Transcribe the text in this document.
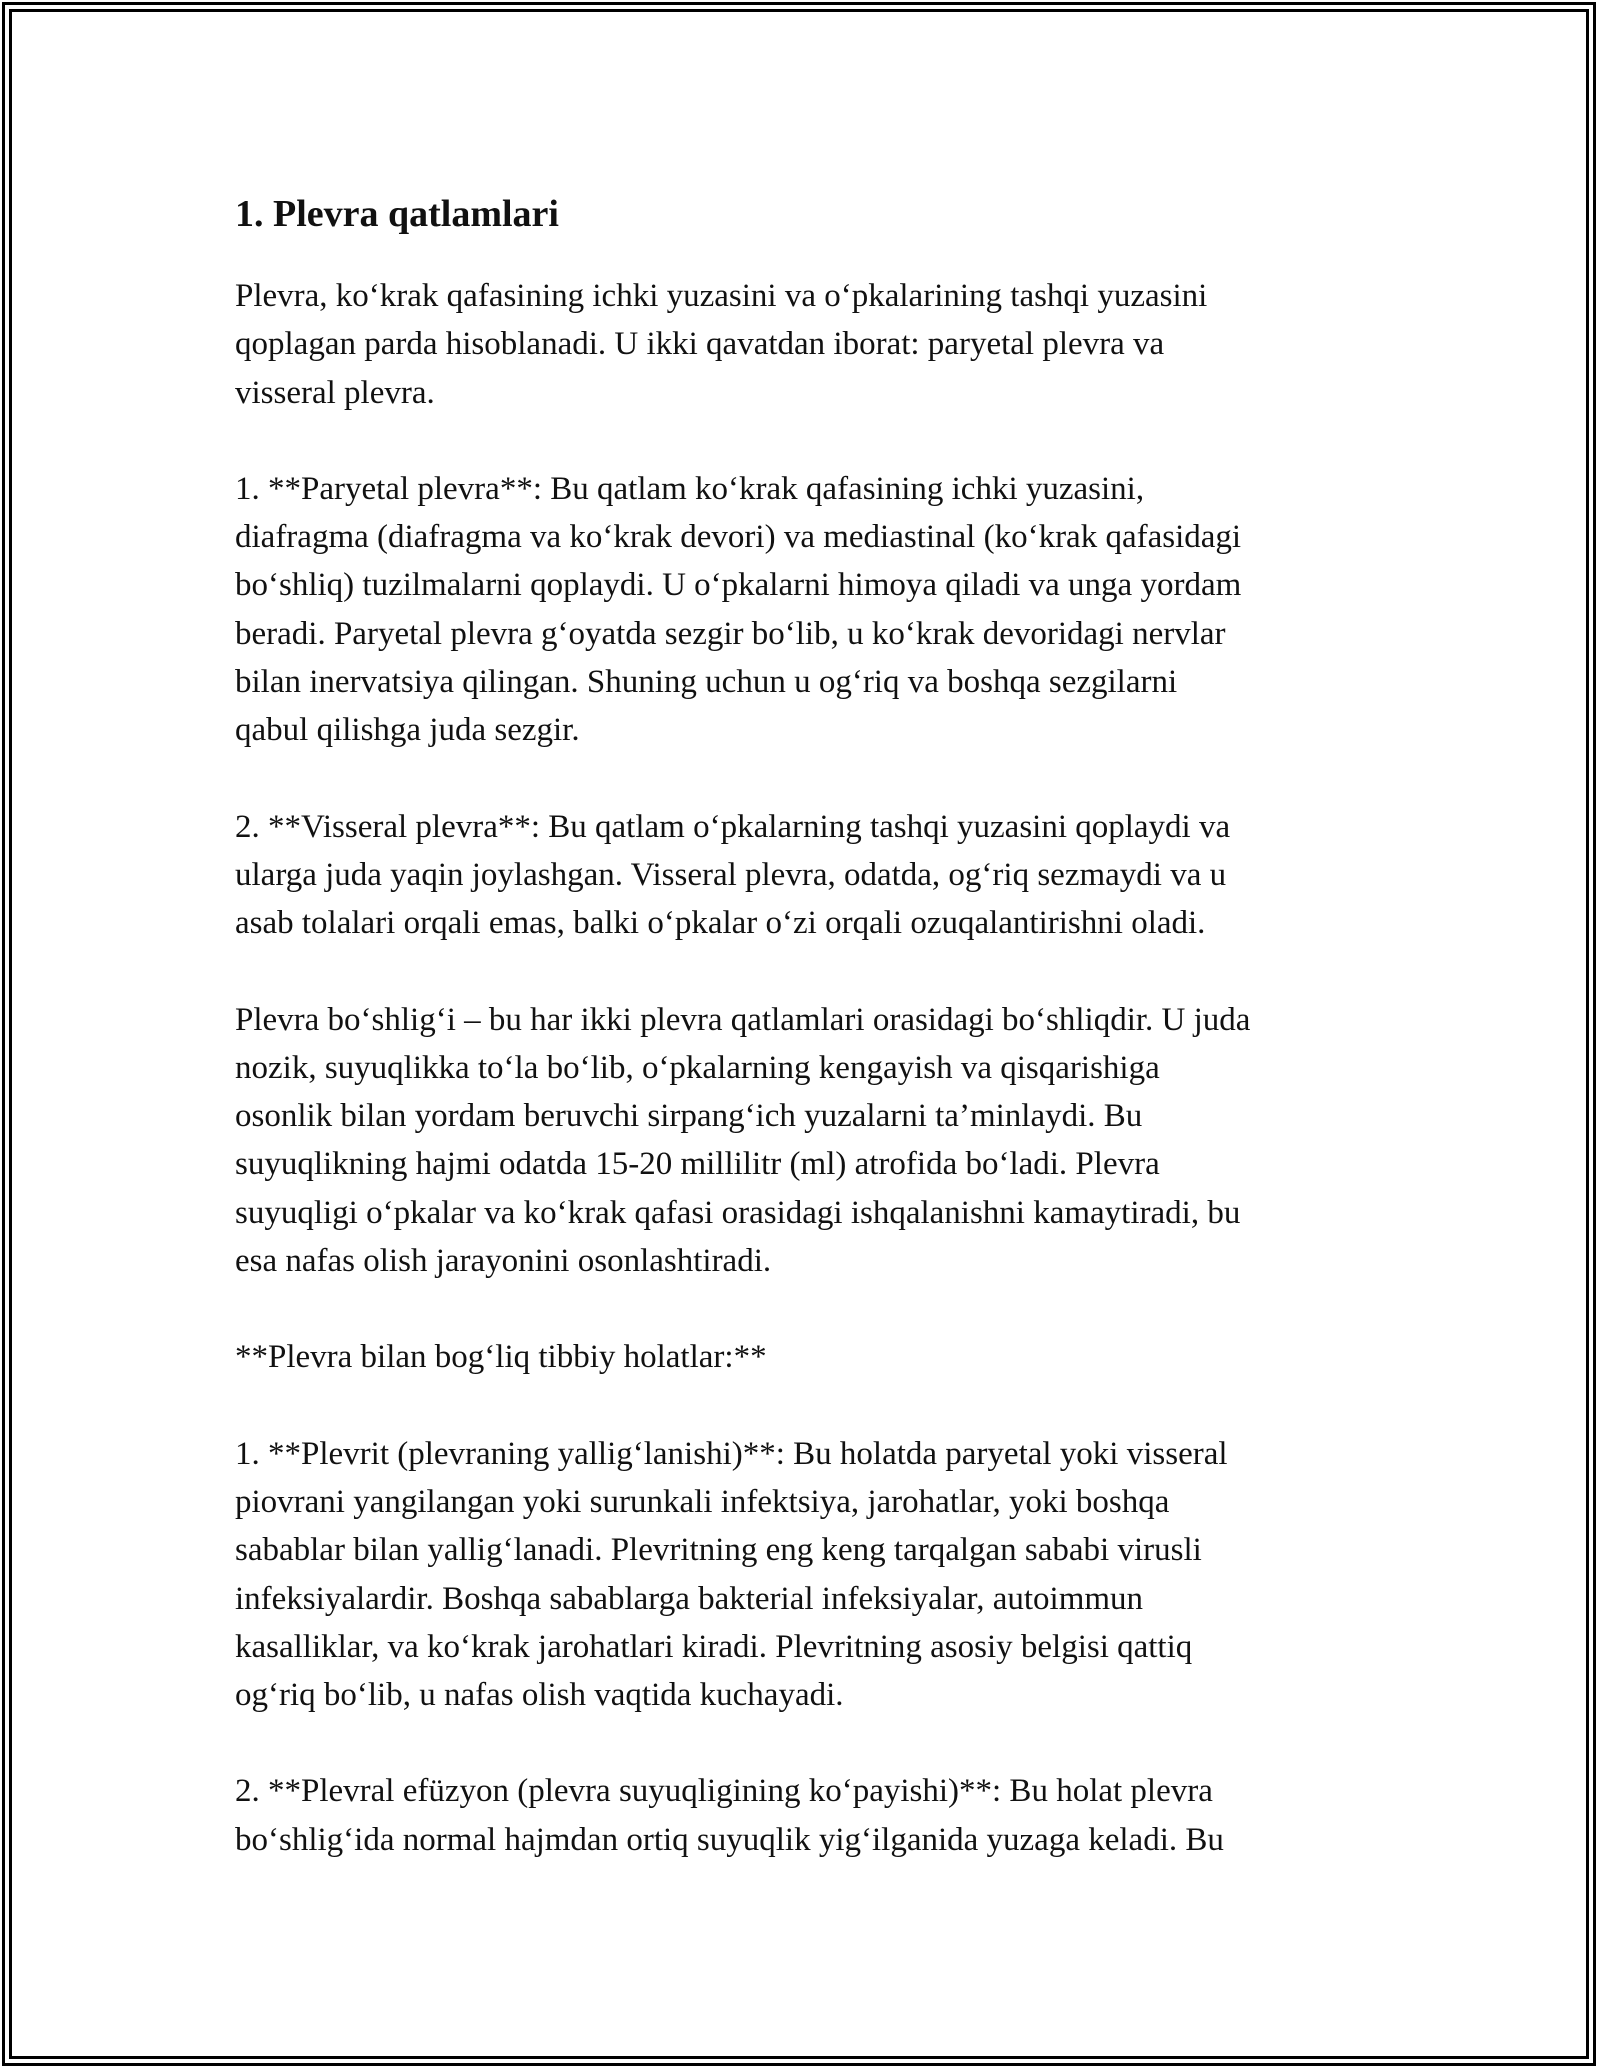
1. Plevra qatlamlari

Plevra, ko‘krak qafasining ichki yuzasini va o‘pkalarining tashqi yuzasini
qoplagan parda hisoblanadi. U ikki qavatdan iborat: paryetal plevra va
visseral plevra.

1. **Paryetal plevra**: Bu qatlam ko‘krak qafasining ichki yuzasini,
diafragma (diafragma va ko‘krak devori) va mediastinal (ko‘krak qafasidagi
bo‘shliq) tuzilmalarni qoplaydi. U o‘pkalarni himoya qiladi va unga yordam
beradi. Paryetal plevra g‘oyatda sezgir bo‘lib, u ko‘krak devoridagi nervlar
bilan inervatsiya qilingan. Shuning uchun u og‘riq va boshqa sezgilarni
qabul qilishga juda sezgir.

2. **Visseral plevra**: Bu qatlam o‘pkalarning tashqi yuzasini qoplaydi va
ularga juda yaqin joylashgan. Visseral plevra, odatda, og‘riq sezmaydi va u
asab tolalari orqali emas, balki o‘pkalar o‘zi orqali ozuqalantirishni oladi.

Plevra bo‘shlig‘i – bu har ikki plevra qatlamlari orasidagi bo‘shliqdir. U juda
nozik, suyuqlikka to‘la bo‘lib, o‘pkalarning kengayish va qisqarishiga
osonlik bilan yordam beruvchi sirpang‘ich yuzalarni ta’minlaydi. Bu
suyuqlikning hajmi odatda 15-20 millilitr (ml) atrofida bo‘ladi. Plevra
suyuqligi o‘pkalar va ko‘krak qafasi orasidagi ishqalanishni kamaytiradi, bu
esa nafas olish jarayonini osonlashtiradi.

**Plevra bilan bog‘liq tibbiy holatlar:**

1. **Plevrit (plevraning yallig‘lanishi)**: Bu holatda paryetal yoki visseral
piovrani yangilangan yoki surunkali infektsiya, jarohatlar, yoki boshqa
sabablar bilan yallig‘lanadi. Plevritning eng keng tarqalgan sababi virusli
infeksiyalardir. Boshqa sabablarga bakterial infeksiyalar, autoimmun
kasalliklar, va ko‘krak jarohatlari kiradi. Plevritning asosiy belgisi qattiq
og‘riq bo‘lib, u nafas olish vaqtida kuchayadi.

2. **Plevral efüzyon (plevra suyuqligining ko‘payishi)**: Bu holat plevra
bo‘shlig‘ida normal hajmdan ortiq suyuqlik yig‘ilganida yuzaga keladi. Bu
